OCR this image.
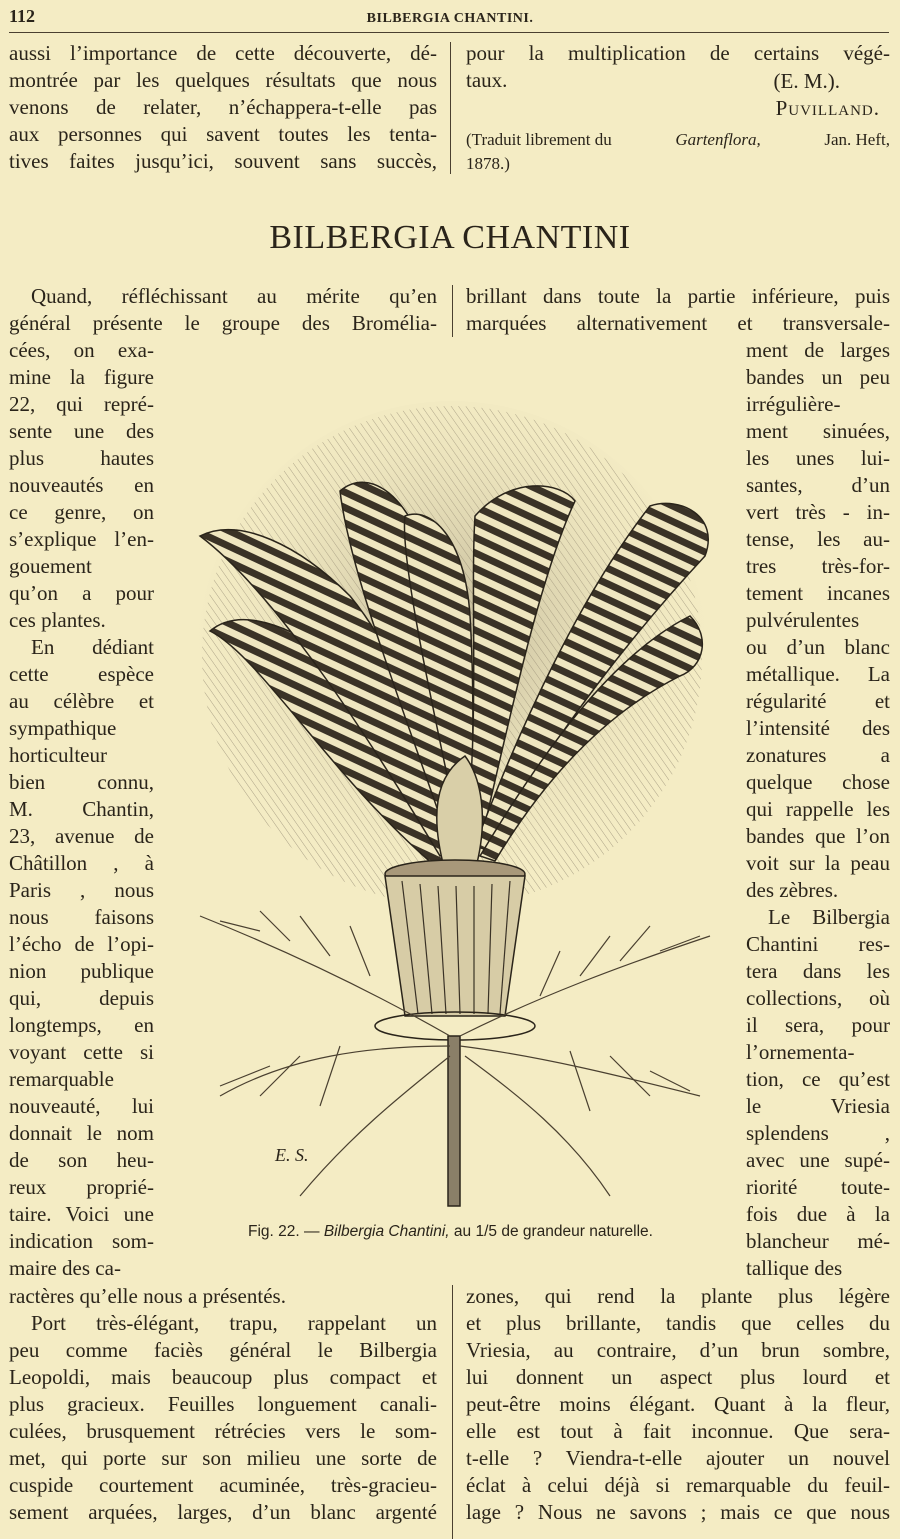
112	BILBERGIA CHANTINI.
(E. M.).
Puvilland.
(Traduit librement du	Gartenflora,	Jan. Heft,
1878.)
BILBERGIA CHANTINI
E. S.
Fig. 22. — Bilbergia Chantini, au 1/5 de grandeur naturelle.
aussi l’importance de cette découverte, dé-
montrée par les quelques résultats que nous
venons de relater, n’échappera-t-elle pas
aux personnes qui savent toutes les tenta-
tives faites jusqu’ici, souvent sans succès,
pour la multiplication de certains végé-
taux.
Quand, réfléchissant au mérite qu’en
général présente le groupe des Broméliа-
brillant dans toute la partie inférieure, puis
marquées alternativement et transversale-
cées, on exa-
mine la figure
22, qui repré-
sente une des
plus hautes
nouveautés en
ce genre, on
s’explique l’en-
gouement
qu’on a pour
ces plantes.
En dédiant
cette espèce
au célèbre et
sympathique
horticulteur
bien connu,
M. Chantin,
23, avenue de
Châtillon , à
Paris , nous
nous faisons
l’écho de l’opi-
nion publique
qui, depuis
longtemps, en
voyant cette si
remarquable
nouveauté, lui
donnait le nom
de son heu-
reux proprié-
taire. Voici une
indication som-
maire des ca-
ment de larges
bandes un peu
irrégulière-
ment sinuées,
les unes lui-
santes, d’un
vert très - in-
tense, les au-
tres très-for-
tement incanes
pulvérulentes
ou d’un blanc
métallique. La
régularité et
l’intensité des
zonatures a
quelque chose
qui rappelle les
bandes que l’on
voit sur la peau
des zèbres.
Le Bilbergia
Chantini res-
tera dans les
collections, où
il sera, pour
l’ornementa-
tion, ce qu’est
le Vriesia
splendens ,
avec une supé-
riorité toute-
fois due à la
blancheur mé-
tallique des
ractères qu’elle nous a présentés.
Port très-élégant, trapu, rappelant un
peu comme faciès général le Bilbergia
Leopoldi, mais beaucoup plus compact et
plus gracieux. Feuilles longuement canali-
culées, brusquement rétrécies vers le som-
met, qui porte sur son milieu une sorte de
cuspide courtement acuminée, très-gracieu-
sement arquées, larges, d’un blanc argenté
zones, qui rend la plante plus légère
et plus brillante, tandis que celles du
Vriesia, au contraire, d’un brun sombre,
lui donnent un aspect plus lourd et
peut-être moins élégant. Quant à la fleur,
elle est tout à fait inconnue. Que sera-
t-elle ? Viendra-t-elle ajouter un nouvel
éclat à celui déjà si remarquable du feuil-
lage ? Nous ne savons ; mais ce que nous
